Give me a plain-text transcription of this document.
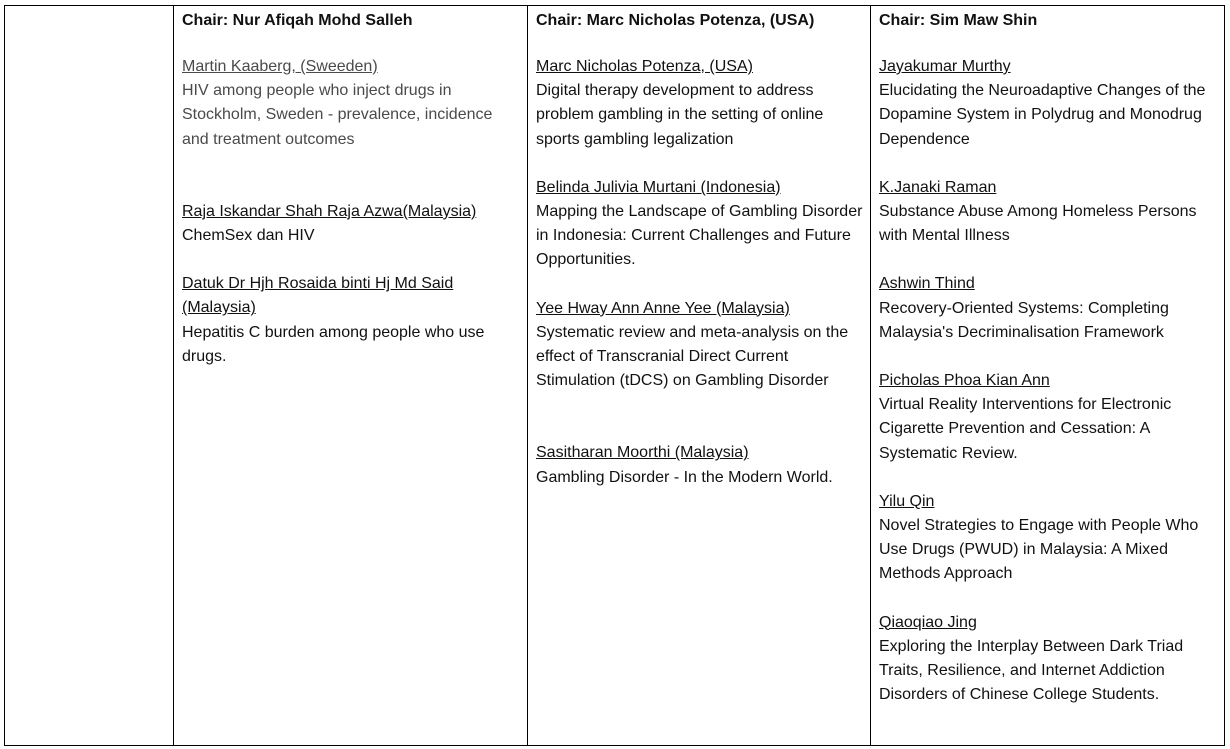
Chair: Nur Afiqah Mohd Salleh

Martin Kaaberg, (Sweeden)
HIV among people who inject drugs in Stockholm, Sweden - prevalence, incidence and treatment outcomes
Raja Iskandar Shah Raja Azwa(Malaysia)
ChemSex dan HIV
Datuk Dr Hjh Rosaida binti Hj Md Said (Malaysia)
Hepatitis C burden among people who use drugs.

Chair: Marc Nicholas Potenza, (USA)

Marc Nicholas Potenza, (USA)
Digital therapy development to address problem gambling in the setting of online sports gambling legalization
Belinda Julivia Murtani (Indonesia)
Mapping the Landscape of Gambling Disorder in Indonesia: Current Challenges and Future Opportunities.
Yee Hway Ann Anne Yee (Malaysia)
Systematic review and meta-analysis on the effect of Transcranial Direct Current Stimulation (tDCS) on Gambling Disorder
Sasitharan Moorthi (Malaysia)
Gambling Disorder - In the Modern World.

Chair: Sim Maw Shin

Jayakumar Murthy
Elucidating the Neuroadaptive Changes of the Dopamine System in Polydrug and Monodrug Dependence
K.Janaki Raman
Substance Abuse Among Homeless Persons with Mental Illness
Ashwin Thind
Recovery-Oriented Systems: Completing Malaysia's Decriminalisation Framework
Picholas Phoa Kian Ann
Virtual Reality Interventions for Electronic Cigarette Prevention and Cessation: A Systematic Review.
Yilu Qin
Novel Strategies to Engage with People Who Use Drugs (PWUD) in Malaysia: A Mixed Methods Approach
Qiaoqiao Jing
Exploring the Interplay Between Dark Triad Traits, Resilience, and Internet Addiction Disorders of Chinese College Students.
